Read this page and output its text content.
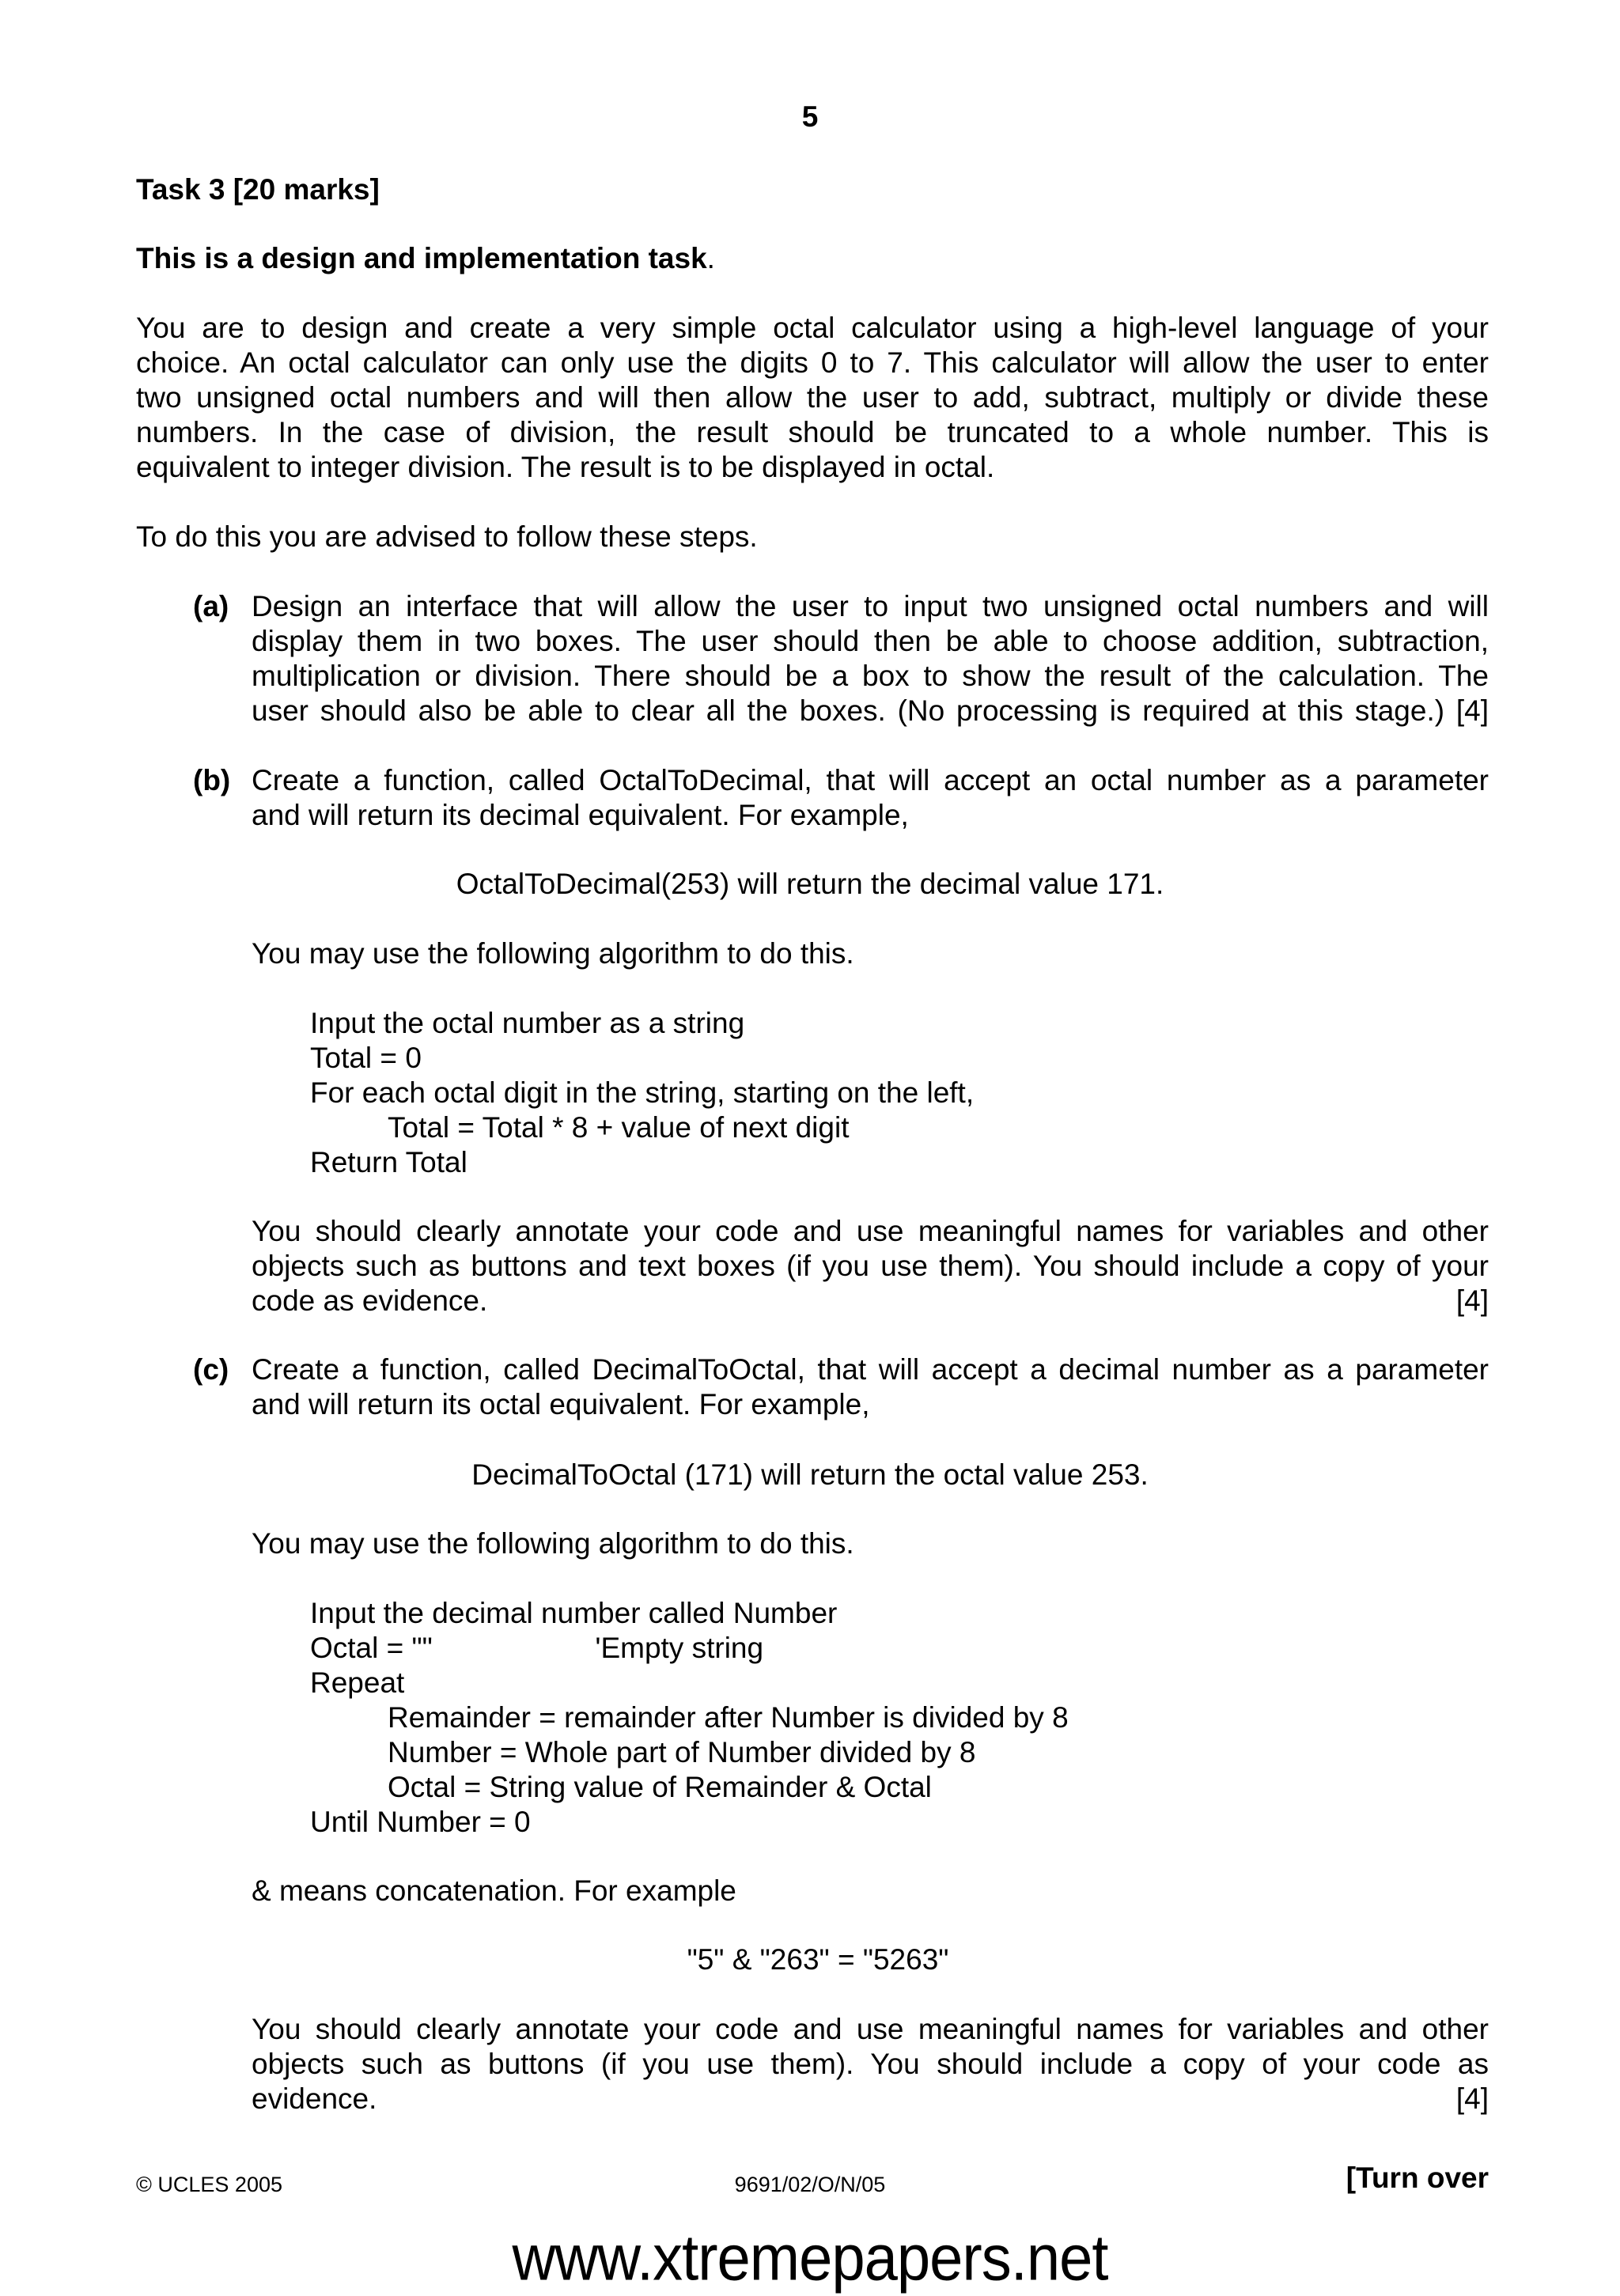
5
Task 3 [20 marks]
This is a design and implementation task.
You are to design and create a very simple octal calculator using a high-level language of your
choice. An octal calculator can only use the digits 0 to 7. This calculator will allow the user to enter
two unsigned octal numbers and will then allow the user to add, subtract, multiply or divide these
numbers. In the case of division, the result should be truncated to a whole number. This is
equivalent to integer division. The result is to be displayed in octal.
To do this you are advised to follow these steps.
(a) Design an interface that will allow the user to input two unsigned octal numbers and will
display them in two boxes. The user should then be able to choose addition, subtraction,
multiplication or division. There should be a box to show the result of the calculation. The
user should also be able to clear all the boxes. (No processing is required at this stage.) [4]
(b) Create a function, called OctalToDecimal, that will accept an octal number as a parameter
and will return its decimal equivalent. For example,
OctalToDecimal(253) will return the decimal value 171.
You may use the following algorithm to do this.
Input the octal number as a string
Total = 0
For each octal digit in the string, starting on the left,
Total = Total * 8 + value of next digit
Return Total
You should clearly annotate your code and use meaningful names for variables and other
objects such as buttons and text boxes (if you use them). You should include a copy of your
code as evidence.	[4]
(c) Create a function, called DecimalToOctal, that will accept a decimal number as a parameter
and will return its octal equivalent. For example,
DecimalToOctal (171) will return the octal value 253.
You may use the following algorithm to do this.
Input the decimal number called Number
Octal = ""                    'Empty string
Repeat
Remainder = remainder after Number is divided by 8
Number = Whole part of Number divided by 8
Octal = String value of Remainder & Octal
Until Number = 0
& means concatenation. For example
"5" & "263" = "5263"
You should clearly annotate your code and use meaningful names for variables and other
objects such as buttons (if you use them). You should include a copy of your code as
evidence.	[4]
© UCLES 2005	9691/02/O/N/05	[Turn over
www.xtremepapers.net
